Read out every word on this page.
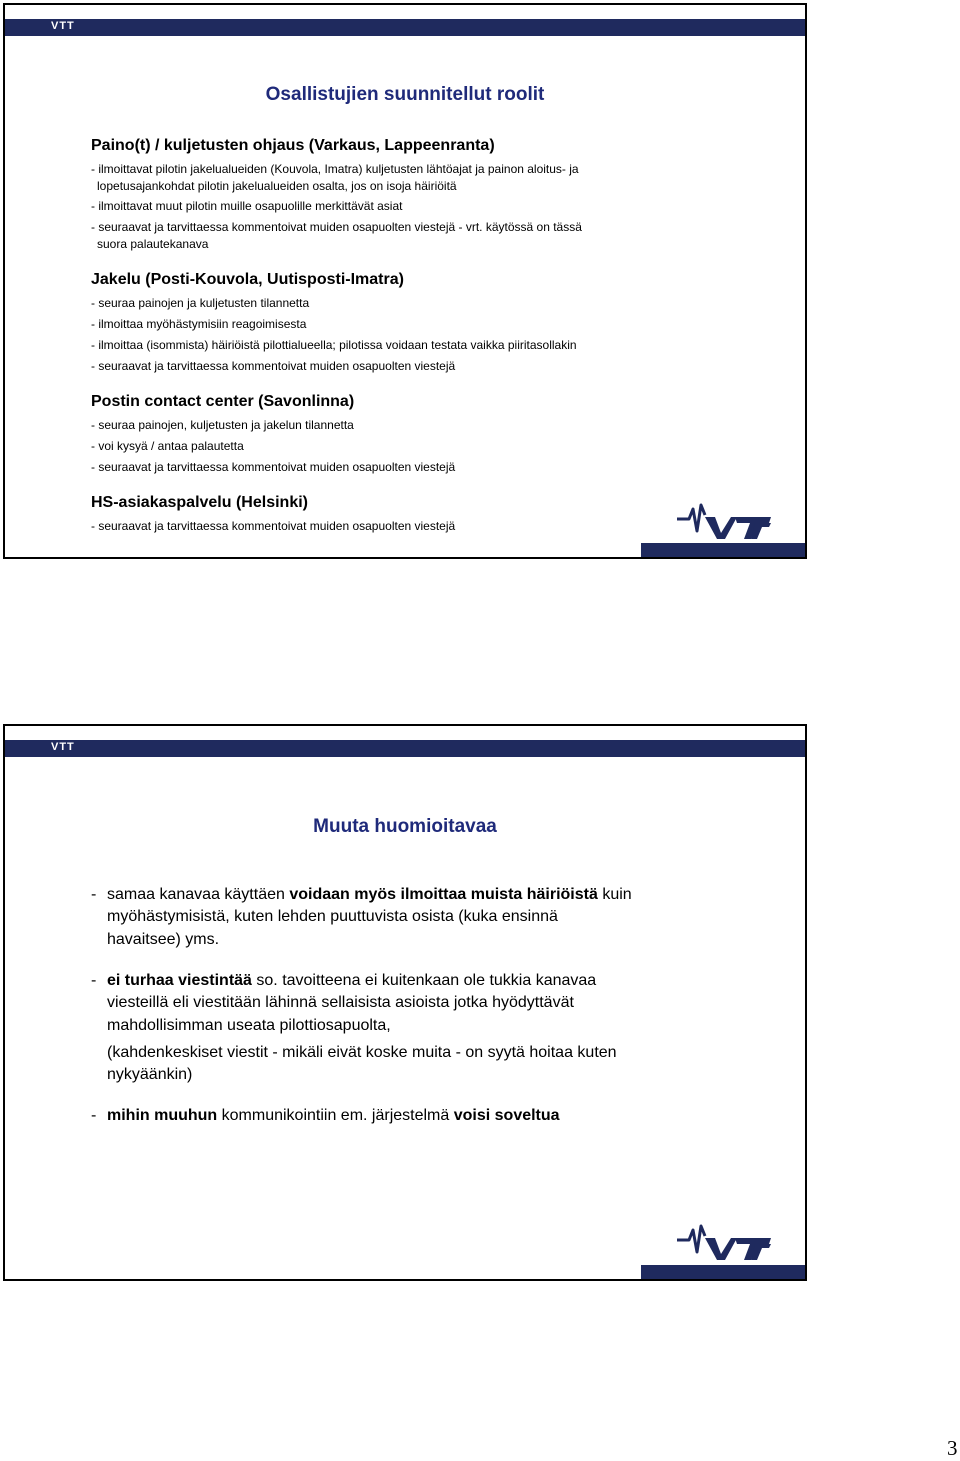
VTT
Osallistujien suunnitellut roolit
Paino(t) / kuljetusten ohjaus (Varkaus, Lappeenranta)
- ilmoittavat pilotin jakelualueiden (Kouvola, Imatra) kuljetusten lähtöajat ja painon aloitus- ja
lopetusajankohdat pilotin jakelualueiden osalta, jos on isoja häiriöitä
- ilmoittavat muut pilotin muille osapuolille merkittävät asiat
- seuraavat ja tarvittaessa kommentoivat muiden osapuolten viestejä - vrt. käytössä on tässä
suora palautekanava
Jakelu (Posti-Kouvola, Uutisposti-Imatra)
- seuraa painojen ja kuljetusten tilannetta
- ilmoittaa myöhästymisiin reagoimisesta
- ilmoittaa (isommista) häiriöistä pilottialueella; pilotissa voidaan testata vaikka piiritasollakin
- seuraavat ja tarvittaessa kommentoivat muiden osapuolten viestejä
Postin contact center (Savonlinna)
- seuraa painojen, kuljetusten ja jakelun tilannetta
- voi kysyä / antaa palautetta
- seuraavat ja tarvittaessa kommentoivat muiden osapuolten viestejä
HS-asiakaspalvelu (Helsinki)
- seuraavat ja tarvittaessa kommentoivat muiden osapuolten viestejä
VTT
Muuta huomioitavaa
- samaa kanavaa käyttäen voidaan myös ilmoittaa muista häiriöistä kuin
myöhästymisistä, kuten lehden puuttuvista osista (kuka ensinnä
havaitsee) yms.
- ei turhaa viestintää so. tavoitteena ei kuitenkaan ole tukkia kanavaa
viesteillä eli viestitään lähinnä sellaisista asioista jotka hyödyttävät
mahdollisimman useata pilottiosapuolta,
(kahdenkeskiset viestit - mikäli eivät koske muita - on syytä hoitaa kuten
nykyäänkin)
- mihin muuhun kommunikointiin em. järjestelmä voisi soveltua
3
